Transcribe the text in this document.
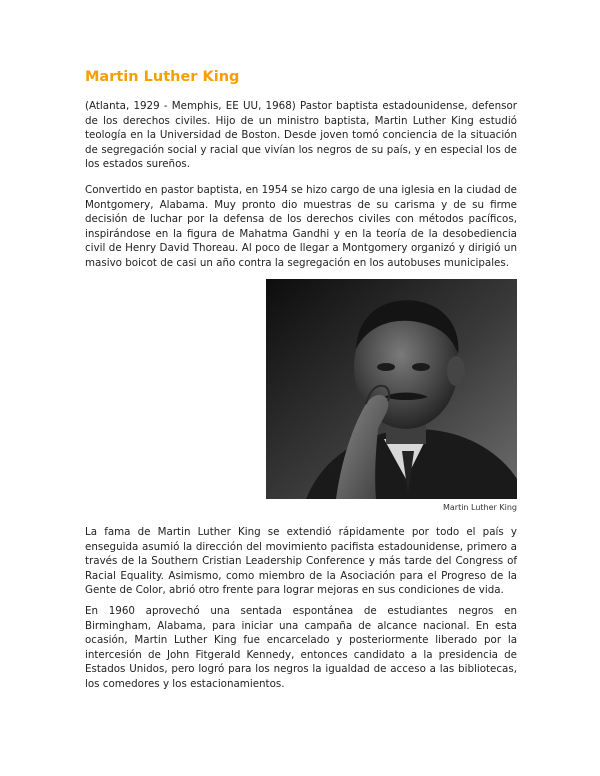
Martin Luther King

(Atlanta, 1929 - Memphis, EE UU, 1968) Pastor baptista estadounidense, defensor de los derechos civiles. Hijo de un ministro baptista, Martin Luther King estudió teología en la Universidad de Boston. Desde joven tomó conciencia de la situación de segregación social y racial que vivían los negros de su país, y en especial los de los estados sureños.

Convertido en pastor baptista, en 1954 se hizo cargo de una iglesia en la ciudad de Montgomery, Alabama. Muy pronto dio muestras de su carisma y de su firme decisión de luchar por la defensa de los derechos civiles con métodos pacíficos, inspirándose en la figura de Mahatma Gandhi y en la teoría de la desobediencia civil de Henry David Thoreau. Al poco de llegar a Montgomery organizó y dirigió un masivo boicot de casi un año contra la segregación en los autobuses municipales.

Martin Luther King

La fama de Martin Luther King se extendió rápidamente por todo el país y enseguida asumió la dirección del movimiento pacifista estadounidense, primero a través de la Southern Cristian Leadership Conference y más tarde del Congress of Racial Equality. Asimismo, como miembro de la Asociación para el Progreso de la Gente de Color, abrió otro frente para lograr mejoras en sus condiciones de vida.

En 1960 aprovechó una sentada espontánea de estudiantes negros en Birmingham, Alabama, para iniciar una campaña de alcance nacional. En esta ocasión, Martin Luther King fue encarcelado y posteriormente liberado por la intercesión de John Fitgerald Kennedy, entonces candidato a la presidencia de Estados Unidos, pero logró para los negros la igualdad de acceso a las bibliotecas, los comedores y los estacionamientos.
